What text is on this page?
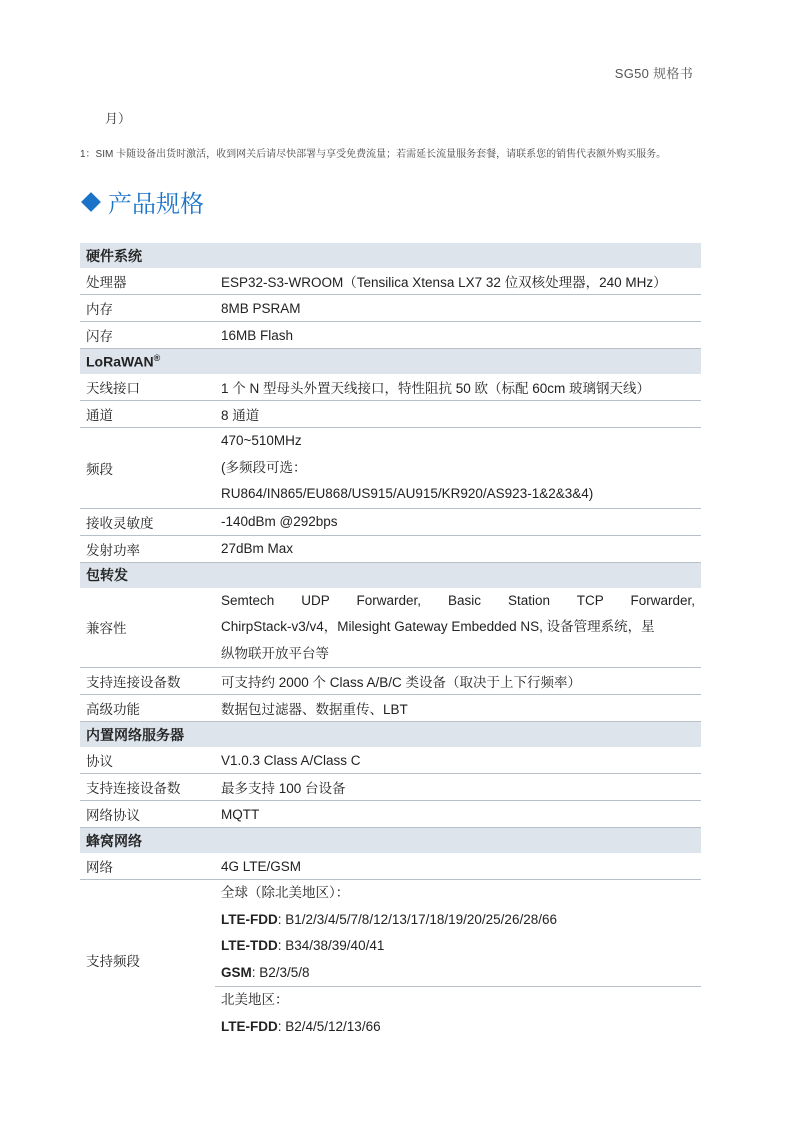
SG50 规格书
月）
1：SIM 卡随设备出货时激活，收到网关后请尽快部署与享受免费流量；若需延长流量服务套餐，请联系您的销售代表额外购买服务。
产品规格
硬件系统	
处理器	ESP32-S3-WROOM（Tensilica Xtensa LX7 32 位双核处理器，240 MHz）
内存	8MB PSRAM
闪存	16MB Flash
LoRaWAN®
天线接口	1 个 N 型母头外置天线接口，特性阻抗 50 欧（标配 60cm 玻璃钢天线）
通道	8 通道
频段	470~510MHz
(多频段可选：
RU864/IN865/EU868/US915/AU915/KR920/AS923-1&2&3&4)

接收灵敏度	-140dBm @292bps
发射功率	27dBm Max
包转发	
兼容性	Semtech UDP Forwarder, Basic Station TCP Forwarder,
ChirpStack-v3/v4，Milesight Gateway Embedded NS, 设备管理系统，星
纵物联开放平台等

支持连接设备数	可支持约 2000 个 Class A/B/C 类设备（取决于上下行频率）
高级功能	数据包过滤器、数据重传、LBT
内置网络服务器	
协议	V1.0.3 Class A/Class C
支持连接设备数	最多支持 100 台设备
网络协议	MQTT
蜂窝网络	
网络	4G LTE/GSM
支持频段	全球（除北美地区）：
LTE-FDD: B1/2/3/4/5/7/8/12/13/17/18/19/20/25/26/28/66
LTE-TDD: B34/38/39/40/41
GSM: B2/3/5/8

	北美地区：
LTE-FDD: B2/4/5/12/13/66
